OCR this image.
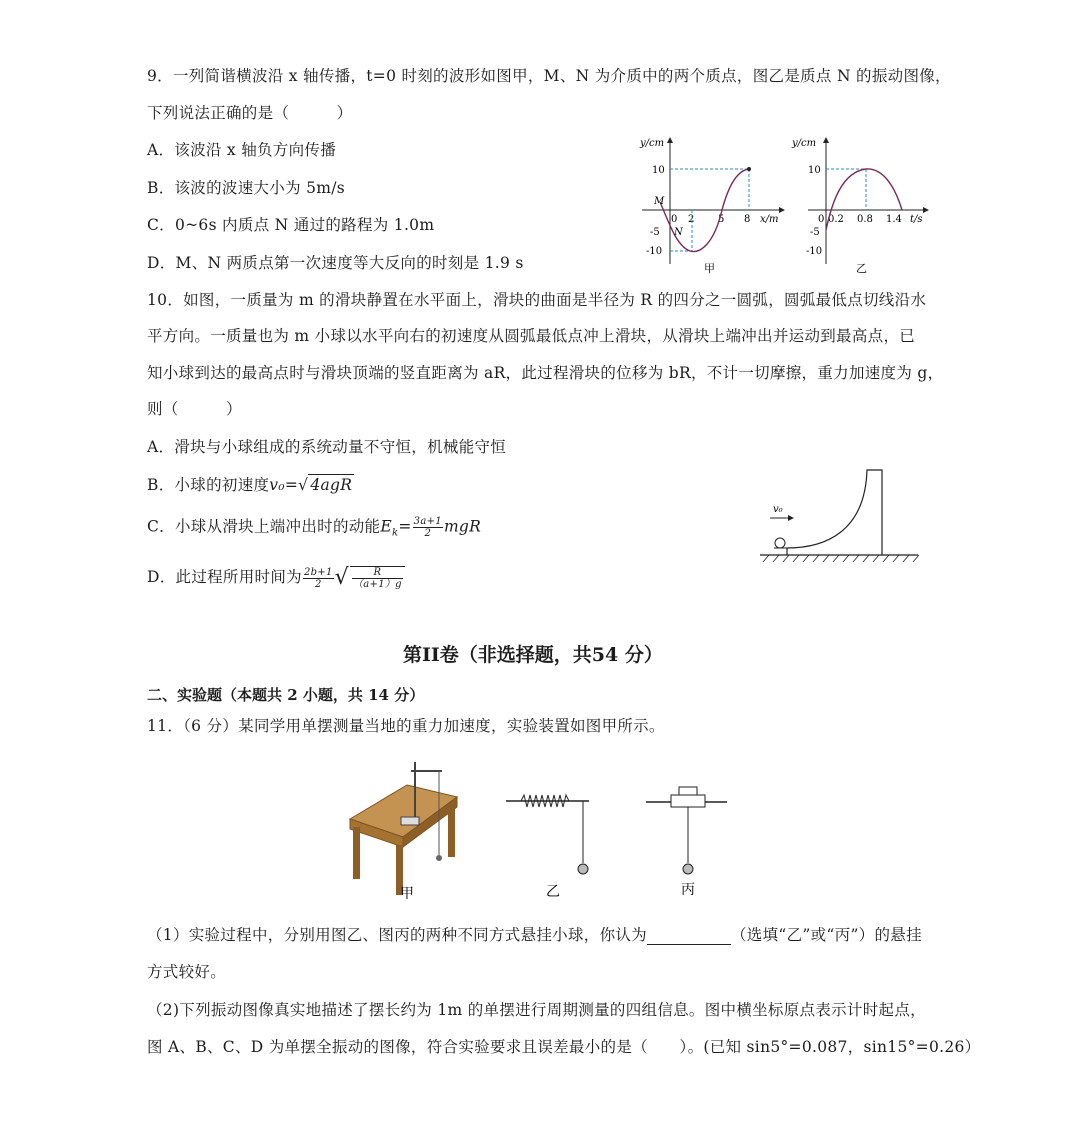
9．一列简谐横波沿 x 轴传播，t=0 时刻的波形如图甲，M、N 为介质中的两个质点，图乙是质点 N 的振动图像，
下列说法正确的是（　　　）
A．该波沿 x 轴负方向传播
B．该波的波速大小为 5m/s
C．0~6s 内质点 N 通过的路程为 1.0m
D．M、N 两质点第一次速度等大反向的时刻是 1.9 s
y/cm
x/m
10
-5
-10
0 2 5 8
M
N
甲
y/cm
t/s
10
-5
-10
0 0.2 0.8 1.4
乙
10．如图，一质量为 m 的滑块静置在水平面上，滑块的曲面是半径为 R 的四分之一圆弧，圆弧最低点切线沿水
平方向。一质量也为 m 小球以水平向右的初速度从圆弧最低点冲上滑块，从滑块上端冲出并运动到最高点，已
知小球到达的最高点时与滑块顶端的竖直距离为 aR，此过程滑块的位移为 bR，不计一切摩擦，重力加速度为 g，
则（　　　）
A．滑块与小球组成的系统动量不守恒，机械能守恒
B．小球的初速度v₀=√ 4agR
C．小球从滑块上端冲出时的动能$E_k= \frac{3a+1}{2}$ mgR
D．此过程所用时间为 $\frac{2b+1}{2}$ √ $\frac{R}{(a+1)g}$
v₀
第II卷（非选择题，共54 分）
二、实验题（本题共 2 小题，共 14 分）
11．（6 分）某同学用单摆测量当地的重力加速度，实验装置如图甲所示。
甲	乙	丙
（1）实验过程中，分别用图乙、图丙的两种不同方式悬挂小球，你认为	（选填“乙”或“丙”）的悬挂
方式较好。
（2)下列振动图像真实地描述了摆长约为 1m 的单摆进行周期测量的四组信息。图中横坐标原点表示计时起点，
图 A、B、C、D 为单摆全振动的图像，符合实验要求且误差最小的是（　　）。(已知 sin5°=0.087，sin15°=0.26）
